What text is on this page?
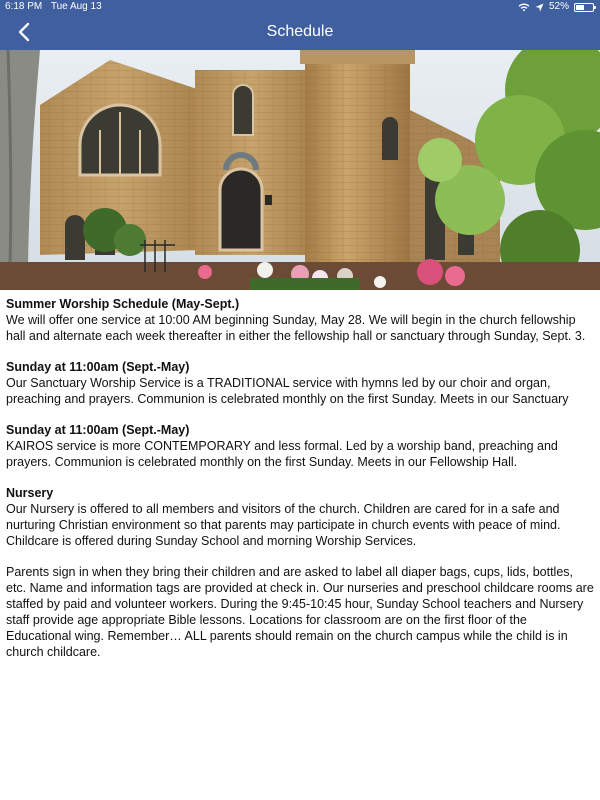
6:18 PM Tue Aug 13	52%
Schedule
Summer Worship Schedule (May-Sept.)

We will offer one service at 10:00 AM beginning Sunday, May 28. We will begin in the church fellowship hall and alternate each week thereafter in either the fellowship hall or sanctuary through Sunday, Sept. 3.

Sunday at 11:00am (Sept.-May)

Our Sanctuary Worship Service is a TRADITIONAL service with hymns led by our choir and organ, preaching and prayers. Communion is celebrated monthly on the first Sunday. Meets in our Sanctuary

Sunday at 11:00am (Sept.-May)

KAIROS service is more CONTEMPORARY and less formal. Led by a worship band, preaching and prayers. Communion is celebrated monthly on the first Sunday. Meets in our Fellowship Hall.

Nursery

Our Nursery is offered to all members and visitors of the church. Children are cared for in a safe and nurturing Christian environment so that parents may participate in church events with peace of mind. Childcare is offered during Sunday School and morning Worship Services.

Parents sign in when they bring their children and are asked to label all diaper bags, cups, lids, bottles, etc. Name and information tags are provided at check in. Our nurseries and preschool childcare rooms are staffed by paid and volunteer workers. During the 9:45-10:45 hour, Sunday School teachers and Nursery staff provide age appropriate Bible lessons. Locations for classroom are on the first floor of the Educational wing. Remember… ALL parents should remain on the church campus while the child is in church childcare.
